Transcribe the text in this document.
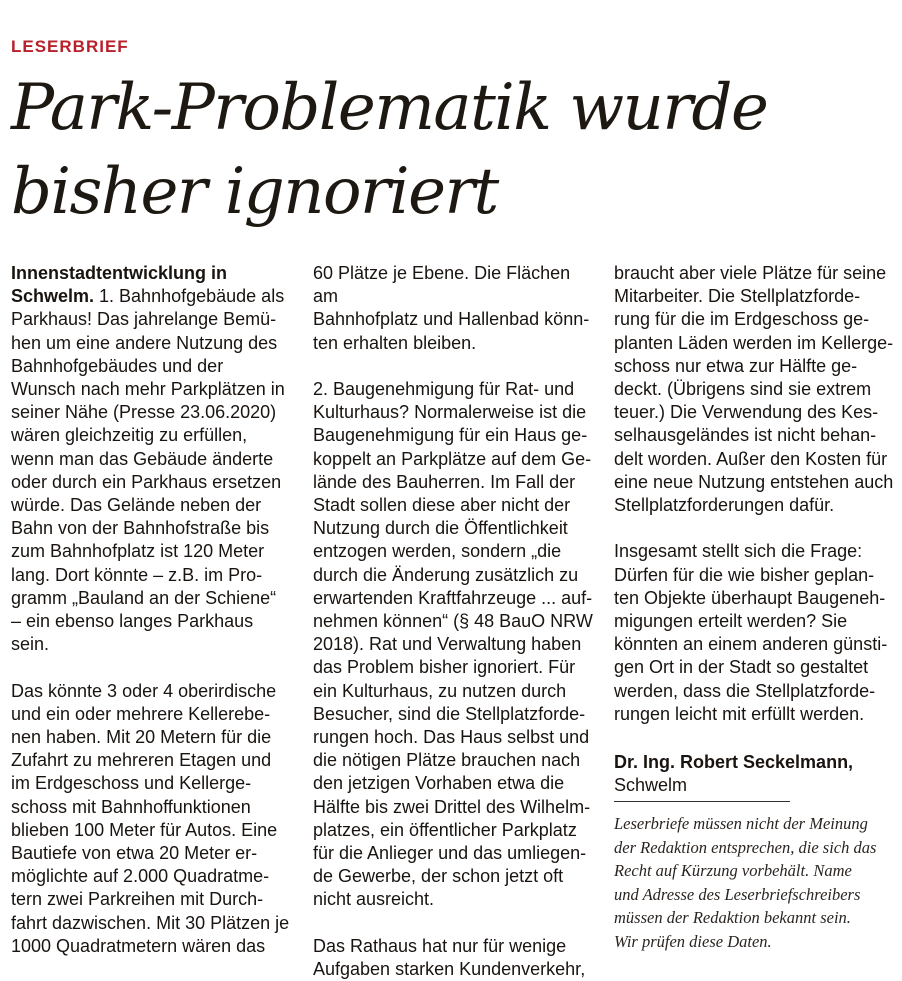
LESERBRIEF
Park-Problematik wurde
bisher ignoriert

Innenstadtentwicklung in

Schwelm. 1. Bahnhofgebäude als

Parkhaus! Das jahrelange Bemü-

hen um eine andere Nutzung des

Bahnhofgebäudes und der

Wunsch nach mehr Parkplätzen in

seiner Nähe (Presse 23.06.2020)

wären gleichzeitig zu erfüllen,

wenn man das Gebäude änderte

oder durch ein Parkhaus ersetzen

würde. Das Gelände neben der

Bahn von der Bahnhofstraße bis

zum Bahnhofplatz ist 120 Meter

lang. Dort könnte – z.B. im Pro-

gramm „Bauland an der Schiene“

– ein ebenso langes Parkhaus

sein.

Das könnte 3 oder 4 oberirdische

und ein oder mehrere Kellerebe-

nen haben. Mit 20 Metern für die

Zufahrt zu mehreren Etagen und

im Erdgeschoss und Kellerge-

schoss mit Bahnhoffunktionen

blieben 100 Meter für Autos. Eine

Bautiefe von etwa 20 Meter er-

möglichte auf 2.000 Quadratme-

tern zwei Parkreihen mit Durch-

fahrt dazwischen. Mit 30 Plätzen je

1000 Quadratmetern wären das

60 Plätze je Ebene. Die Flächen am

Bahnhofplatz und Hallenbad könn-

ten erhalten bleiben.

2. Baugenehmigung für Rat- und

Kulturhaus? Normalerweise ist die

Baugenehmigung für ein Haus ge-

koppelt an Parkplätze auf dem Ge-

lände des Bauherren. Im Fall der

Stadt sollen diese aber nicht der

Nutzung durch die Öffentlichkeit

entzogen werden, sondern „die

durch die Änderung zusätzlich zu

erwartenden Kraftfahrzeuge ... auf-

nehmen können“ (§ 48 BauO NRW

2018). Rat und Verwaltung haben

das Problem bisher ignoriert. Für

ein Kulturhaus, zu nutzen durch

Besucher, sind die Stellplatzforde-

rungen hoch. Das Haus selbst und

die nötigen Plätze brauchen nach

den jetzigen Vorhaben etwa die

Hälfte bis zwei Drittel des Wilhelm-

platzes, ein öffentlicher Parkplatz

für die Anlieger und das umliegen-

de Gewerbe, der schon jetzt oft

nicht ausreicht.

Das Rathaus hat nur für wenige

Aufgaben starken Kundenverkehr,

braucht aber viele Plätze für seine

Mitarbeiter. Die Stellplatzforde-

rung für die im Erdgeschoss ge-

planten Läden werden im Kellerge-

schoss nur etwa zur Hälfte ge-

deckt. (Übrigens sind sie extrem

teuer.) Die Verwendung des Kes-

selhausgeländes ist nicht behan-

delt worden. Außer den Kosten für

eine neue Nutzung entstehen auch

Stellplatzforderungen dafür.

Insgesamt stellt sich die Frage:

Dürfen für die wie bisher geplan-

ten Objekte überhaupt Baugeneh-

migungen erteilt werden? Sie

könnten an einem anderen günsti-

gen Ort in der Stadt so gestaltet

werden, dass die Stellplatzforde-

rungen leicht mit erfüllt werden.

Dr. Ing. Robert Seckelmann,

Schwelm

Leserbriefe müssen nicht der Meinung

der Redaktion entsprechen, die sich das

Recht auf Kürzung vorbehält. Name

und Adresse des Leserbriefschreibers

müssen der Redaktion bekannt sein.

Wir prüfen diese Daten.
